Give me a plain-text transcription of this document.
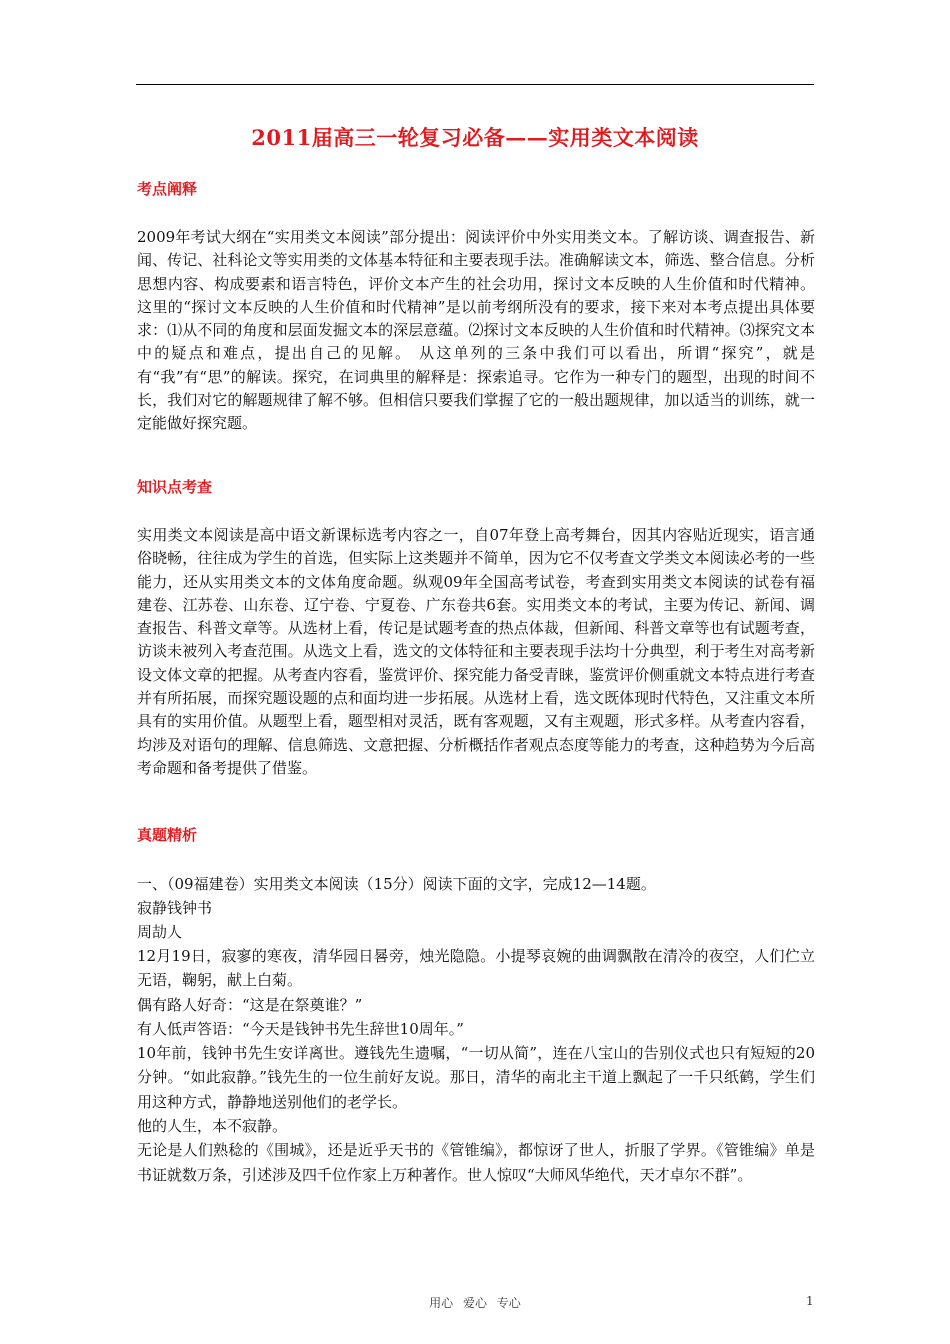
2011届高三一轮复习必备——实用类文本阅读
考点阐释
2009年考试大纲在“实用类文本阅读”部分提出：阅读评价中外实用类文本。了解访谈、调查报告、新闻、传记、社科论文等实用类的文体基本特征和主要表现手法。准确解读文本，筛选、整合信息。分析思想内容、构成要素和语言特色，评价文本产生的社会功用，探讨文本反映的人生价值和时代精神。 这里的“探讨文本反映的人生价值和时代精神”是以前考纲所没有的要求，接下来对本考点提出具体要求：⑴从不同的角度和层面发掘文本的深层意蕴。⑵探讨文本反映的人生价值和时代精神。⑶探究文本中的疑点和难点，提出自己的见解。 从这单列的三条中我们可以看出，所谓“探究”，就是有“我”有“思”的解读。探究，在词典里的解释是：探索追寻。它作为一种专门的题型，出现的时间不长，我们对它的解题规律了解不够。但相信只要我们掌握了它的一般出题规律，加以适当的训练，就一定能做好探究题。
知识点考查
实用类文本阅读是高中语文新课标选考内容之一，自07年登上高考舞台，因其内容贴近现实，语言通俗晓畅，往往成为学生的首选，但实际上这类题并不简单，因为它不仅考查文学类文本阅读必考的一些能力，还从实用类文本的文体角度命题。纵观09年全国高考试卷，考查到实用类文本阅读的试卷有福建卷、江苏卷、山东卷、辽宁卷、宁夏卷、广东卷共6套。实用类文本的考试，主要为传记、新闻、调查报告、科普文章等。从选材上看，传记是试题考查的热点体裁，但新闻、科普文章等也有试题考查，访谈未被列入考查范围。从选文上看，选文的文体特征和主要表现手法均十分典型，利于考生对高考新设文体文章的把握。从考查内容看，鉴赏评价、探究能力备受青睐，鉴赏评价侧重就文本特点进行考查并有所拓展，而探究题设题的点和面均进一步拓展。从选材上看，选文既体现时代特色，又注重文本所具有的实用价值。从题型上看，题型相对灵活，既有客观题，又有主观题，形式多样。从考查内容看，均涉及对语句的理解、信息筛选、文意把握、分析概括作者观点态度等能力的考查，这种趋势为今后高考命题和备考提供了借鉴。
真题精析
一、（09福建卷）实用类文本阅读（15分）阅读下面的文字，完成12—14题。
寂静钱钟书
周劼人

12月19日，寂寥的寒夜，清华园日晷旁，烛光隐隐。小提琴哀婉的曲调飘散在清冷的夜空，人们伫立无语，鞠躬，献上白菊。

偶有路人好奇：“这是在祭奠谁？”

有人低声答语：“今天是钱钟书先生辞世10周年。”

10年前，钱钟书先生安详离世。遵钱先生遗嘱，“一切从简”，连在八宝山的告别仪式也只有短短的20分钟。“如此寂静。”钱先生的一位生前好友说。那日，清华的南北主干道上飘起了一千只纸鹤，学生们用这种方式，静静地送别他们的老学长。

他的人生，本不寂静。

无论是人们熟稔的《围城》，还是近乎天书的《管锥编》，都惊讶了世人，折服了学界。《管锥编》单是书证就数万条，引述涉及四千位作家上万种著作。世人惊叹“大师风华绝代，天才卓尔不群”。

用心 爱心 专心	1
